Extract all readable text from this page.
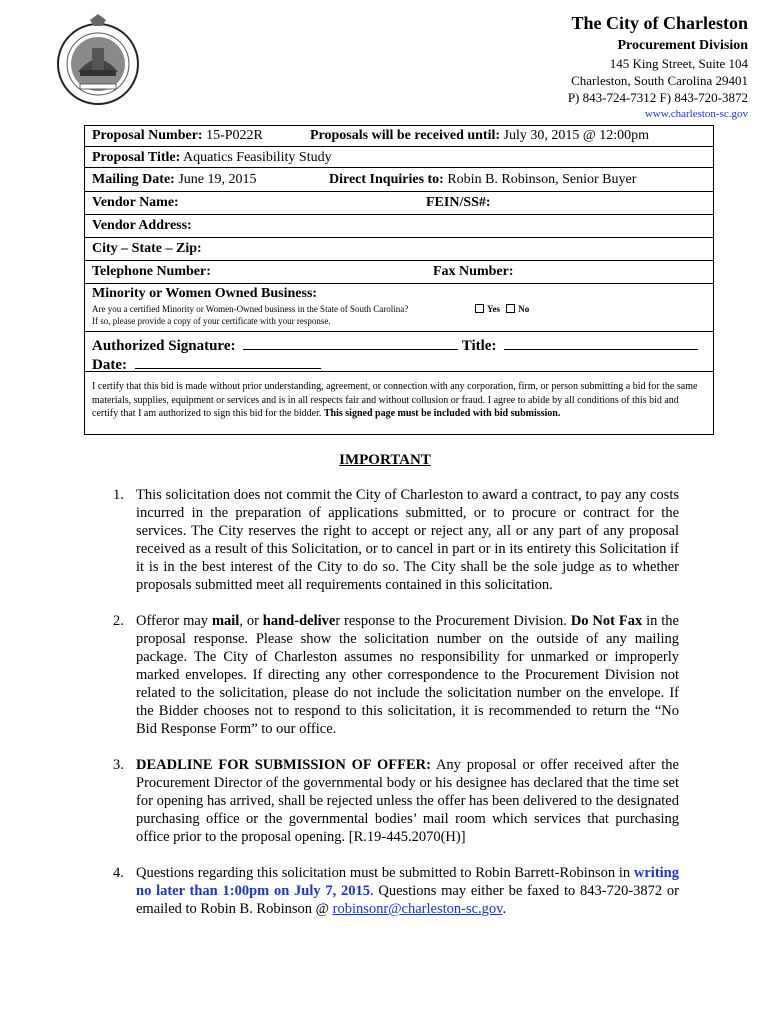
The City of Charleston
Procurement Division
145 King Street, Suite 104
Charleston, South Carolina 29401
P) 843-724-7312 F) 843-720-3872
www.charleston-sc.gov
Proposal Number: 15-P022R	Proposals will be received until: July 30, 2015 @ 12:00pm
Proposal Title: Aquatics Feasibility Study
Mailing Date: June 19, 2015	Direct Inquiries to: Robin B. Robinson, Senior Buyer
Vendor Name:	FEIN/SS#:
Vendor Address:
City – State – Zip:
Telephone Number:	Fax Number:
Minority or Women Owned Business:
Are you a certified Minority or Women-Owned business in the State of South Carolina?	Yes No
If so, please provide a copy of your certificate with your response.
Authorized Signature:	Title:
Date:
I certify that this bid is made without prior understanding, agreement, or connection with any corporation, firm, or person submitting a bid for the same materials, supplies, equipment or services and is in all respects fair and without collusion or fraud. I agree to abide by all conditions of this bid and certify that I am authorized to sign this bid for the bidder. This signed page must be included with bid submission.
IMPORTANT
1. This solicitation does not commit the City of Charleston to award a contract, to pay any costs incurred in the preparation of applications submitted, or to procure or contract for the services. The City reserves the right to accept or reject any, all or any part of any proposal received as a result of this Solicitation, or to cancel in part or in its entirety this Solicitation if it is in the best interest of the City to do so. The City shall be the sole judge as to whether proposals submitted meet all requirements contained in this solicitation.
2. Offeror may mail, or hand-deliver response to the Procurement Division. Do Not Fax in the proposal response. Please show the solicitation number on the outside of any mailing package. The City of Charleston assumes no responsibility for unmarked or improperly marked envelopes. If directing any other correspondence to the Procurement Division not related to the solicitation, please do not include the solicitation number on the envelope. If the Bidder chooses not to respond to this solicitation, it is recommended to return the “No Bid Response Form” to our office.
3. DEADLINE FOR SUBMISSION OF OFFER: Any proposal or offer received after the Procurement Director of the governmental body or his designee has declared that the time set for opening has arrived, shall be rejected unless the offer has been delivered to the designated purchasing office or the governmental bodies’ mail room which services that purchasing office prior to the proposal opening. [R.19-445.2070(H)]
4. Questions regarding this solicitation must be submitted to Robin Barrett-Robinson in writing no later than 1:00pm on July 7, 2015. Questions may either be faxed to 843-720-3872 or emailed to Robin B. Robinson @ robinsonr@charleston-sc.gov.
